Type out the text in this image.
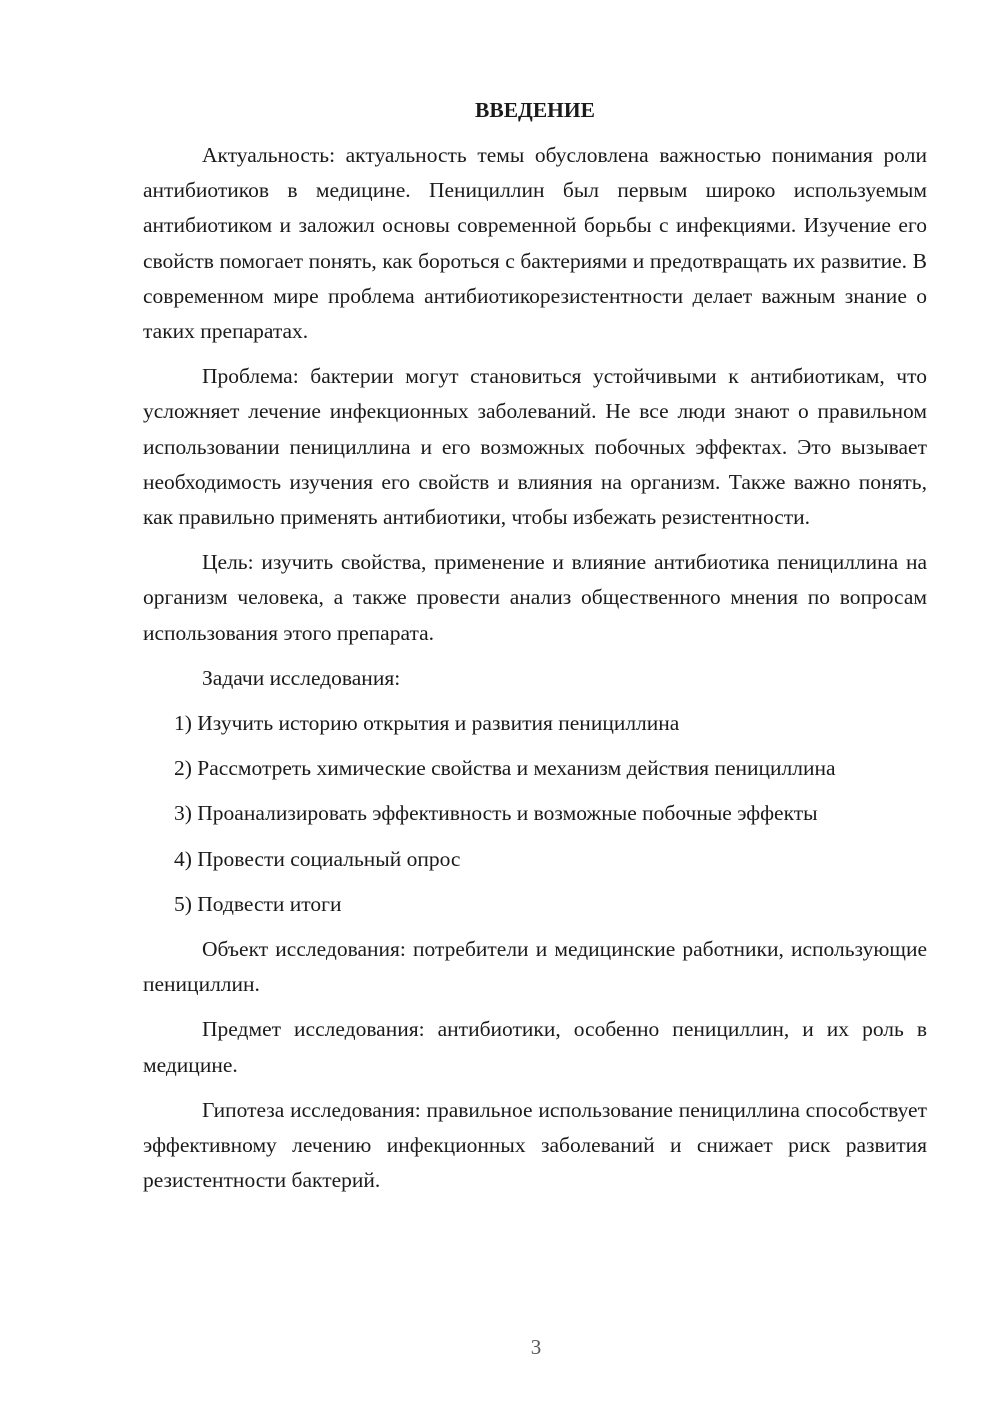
ВВЕДЕНИЕ

Актуальность: актуальность темы обусловлена важностью понимания роли антибиотиков в медицине. Пенициллин был первым широко используемым антибиотиком и заложил основы современной борьбы с инфекциями. Изучение его свойств помогает понять, как бороться с бактериями и предотвращать их развитие. В современном мире проблема антибиотикорезистентности делает важным знание о таких препаратах.

Проблема: бактерии могут становиться устойчивыми к антибиотикам, что усложняет лечение инфекционных заболеваний. Не все люди знают о правильном использовании пенициллина и его возможных побочных эффектах. Это вызывает необходимость изучения его свойств и влияния на организм. Также важно понять, как правильно применять антибиотики, чтобы избежать резистентности.

Цель: изучить свойства, применение и влияние антибиотика пенициллина на организм человека, а также провести анализ общественного мнения по вопросам использования этого препарата.

Задачи исследования:

1) Изучить историю открытия и развития пенициллина

2) Рассмотреть химические свойства и механизм действия пенициллина

3) Проанализировать эффективность и возможные побочные эффекты

4) Провести социальный опрос

5) Подвести итоги

Объект исследования: потребители и медицинские работники, использующие пенициллин.

Предмет исследования: антибиотики, особенно пенициллин, и их роль в медицине.

Гипотеза исследования: правильное использование пенициллина способствует эффективному лечению инфекционных заболеваний и снижает риск развития резистентности бактерий.

3
